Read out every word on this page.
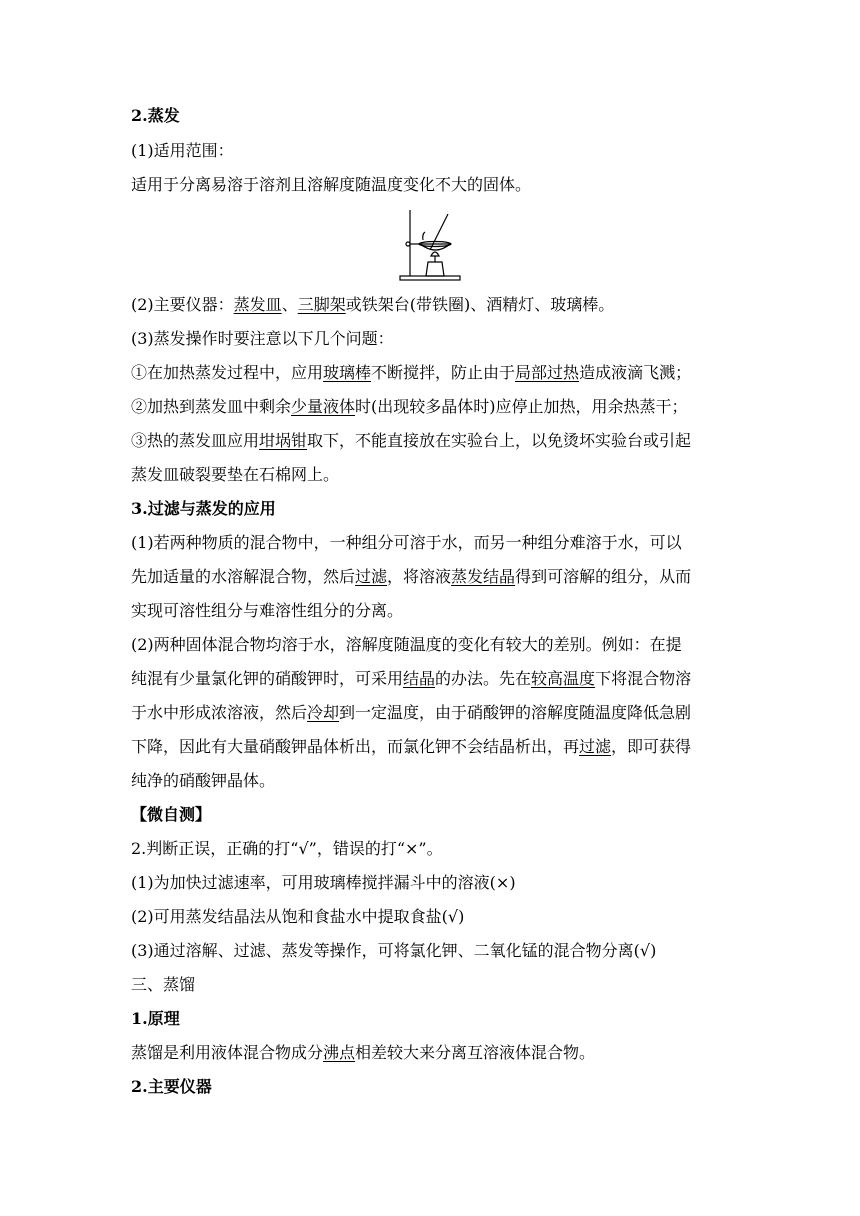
2.蒸发
(1)适用范围：
适用于分离易溶于溶剂且溶解度随温度变化不大的固体。
(2)主要仪器：蒸发皿、三脚架或铁架台(带铁圈)、酒精灯、玻璃棒。
(3)蒸发操作时要注意以下几个问题：
①在加热蒸发过程中，应用玻璃棒不断搅拌，防止由于局部过热造成液滴飞溅；
②加热到蒸发皿中剩余少量液体时(出现较多晶体时)应停止加热，用余热蒸干；
③热的蒸发皿应用坩埚钳取下，不能直接放在实验台上，以免烫坏实验台或引起
蒸发皿破裂要垫在石棉网上。
3.过滤与蒸发的应用
(1)若两种物质的混合物中，一种组分可溶于水，而另一种组分难溶于水，可以
先加适量的水溶解混合物，然后过滤，将溶液蒸发结晶得到可溶解的组分，从而
实现可溶性组分与难溶性组分的分离。
(2)两种固体混合物均溶于水，溶解度随温度的变化有较大的差别。例如：在提
纯混有少量氯化钾的硝酸钾时，可采用结晶的办法。先在较高温度下将混合物溶
于水中形成浓溶液，然后冷却到一定温度，由于硝酸钾的溶解度随温度降低急剧
下降，因此有大量硝酸钾晶体析出，而氯化钾不会结晶析出，再过滤，即可获得
纯净的硝酸钾晶体。
【微自测】
2.判断正误，正确的打“√”，错误的打“×”。
(1)为加快过滤速率，可用玻璃棒搅拌漏斗中的溶液(×)
(2)可用蒸发结晶法从饱和食盐水中提取食盐(√)
(3)通过溶解、过滤、蒸发等操作，可将氯化钾、二氧化锰的混合物分离(√)
三、蒸馏
1.原理
蒸馏是利用液体混合物成分沸点相差较大来分离互溶液体混合物。
2.主要仪器
